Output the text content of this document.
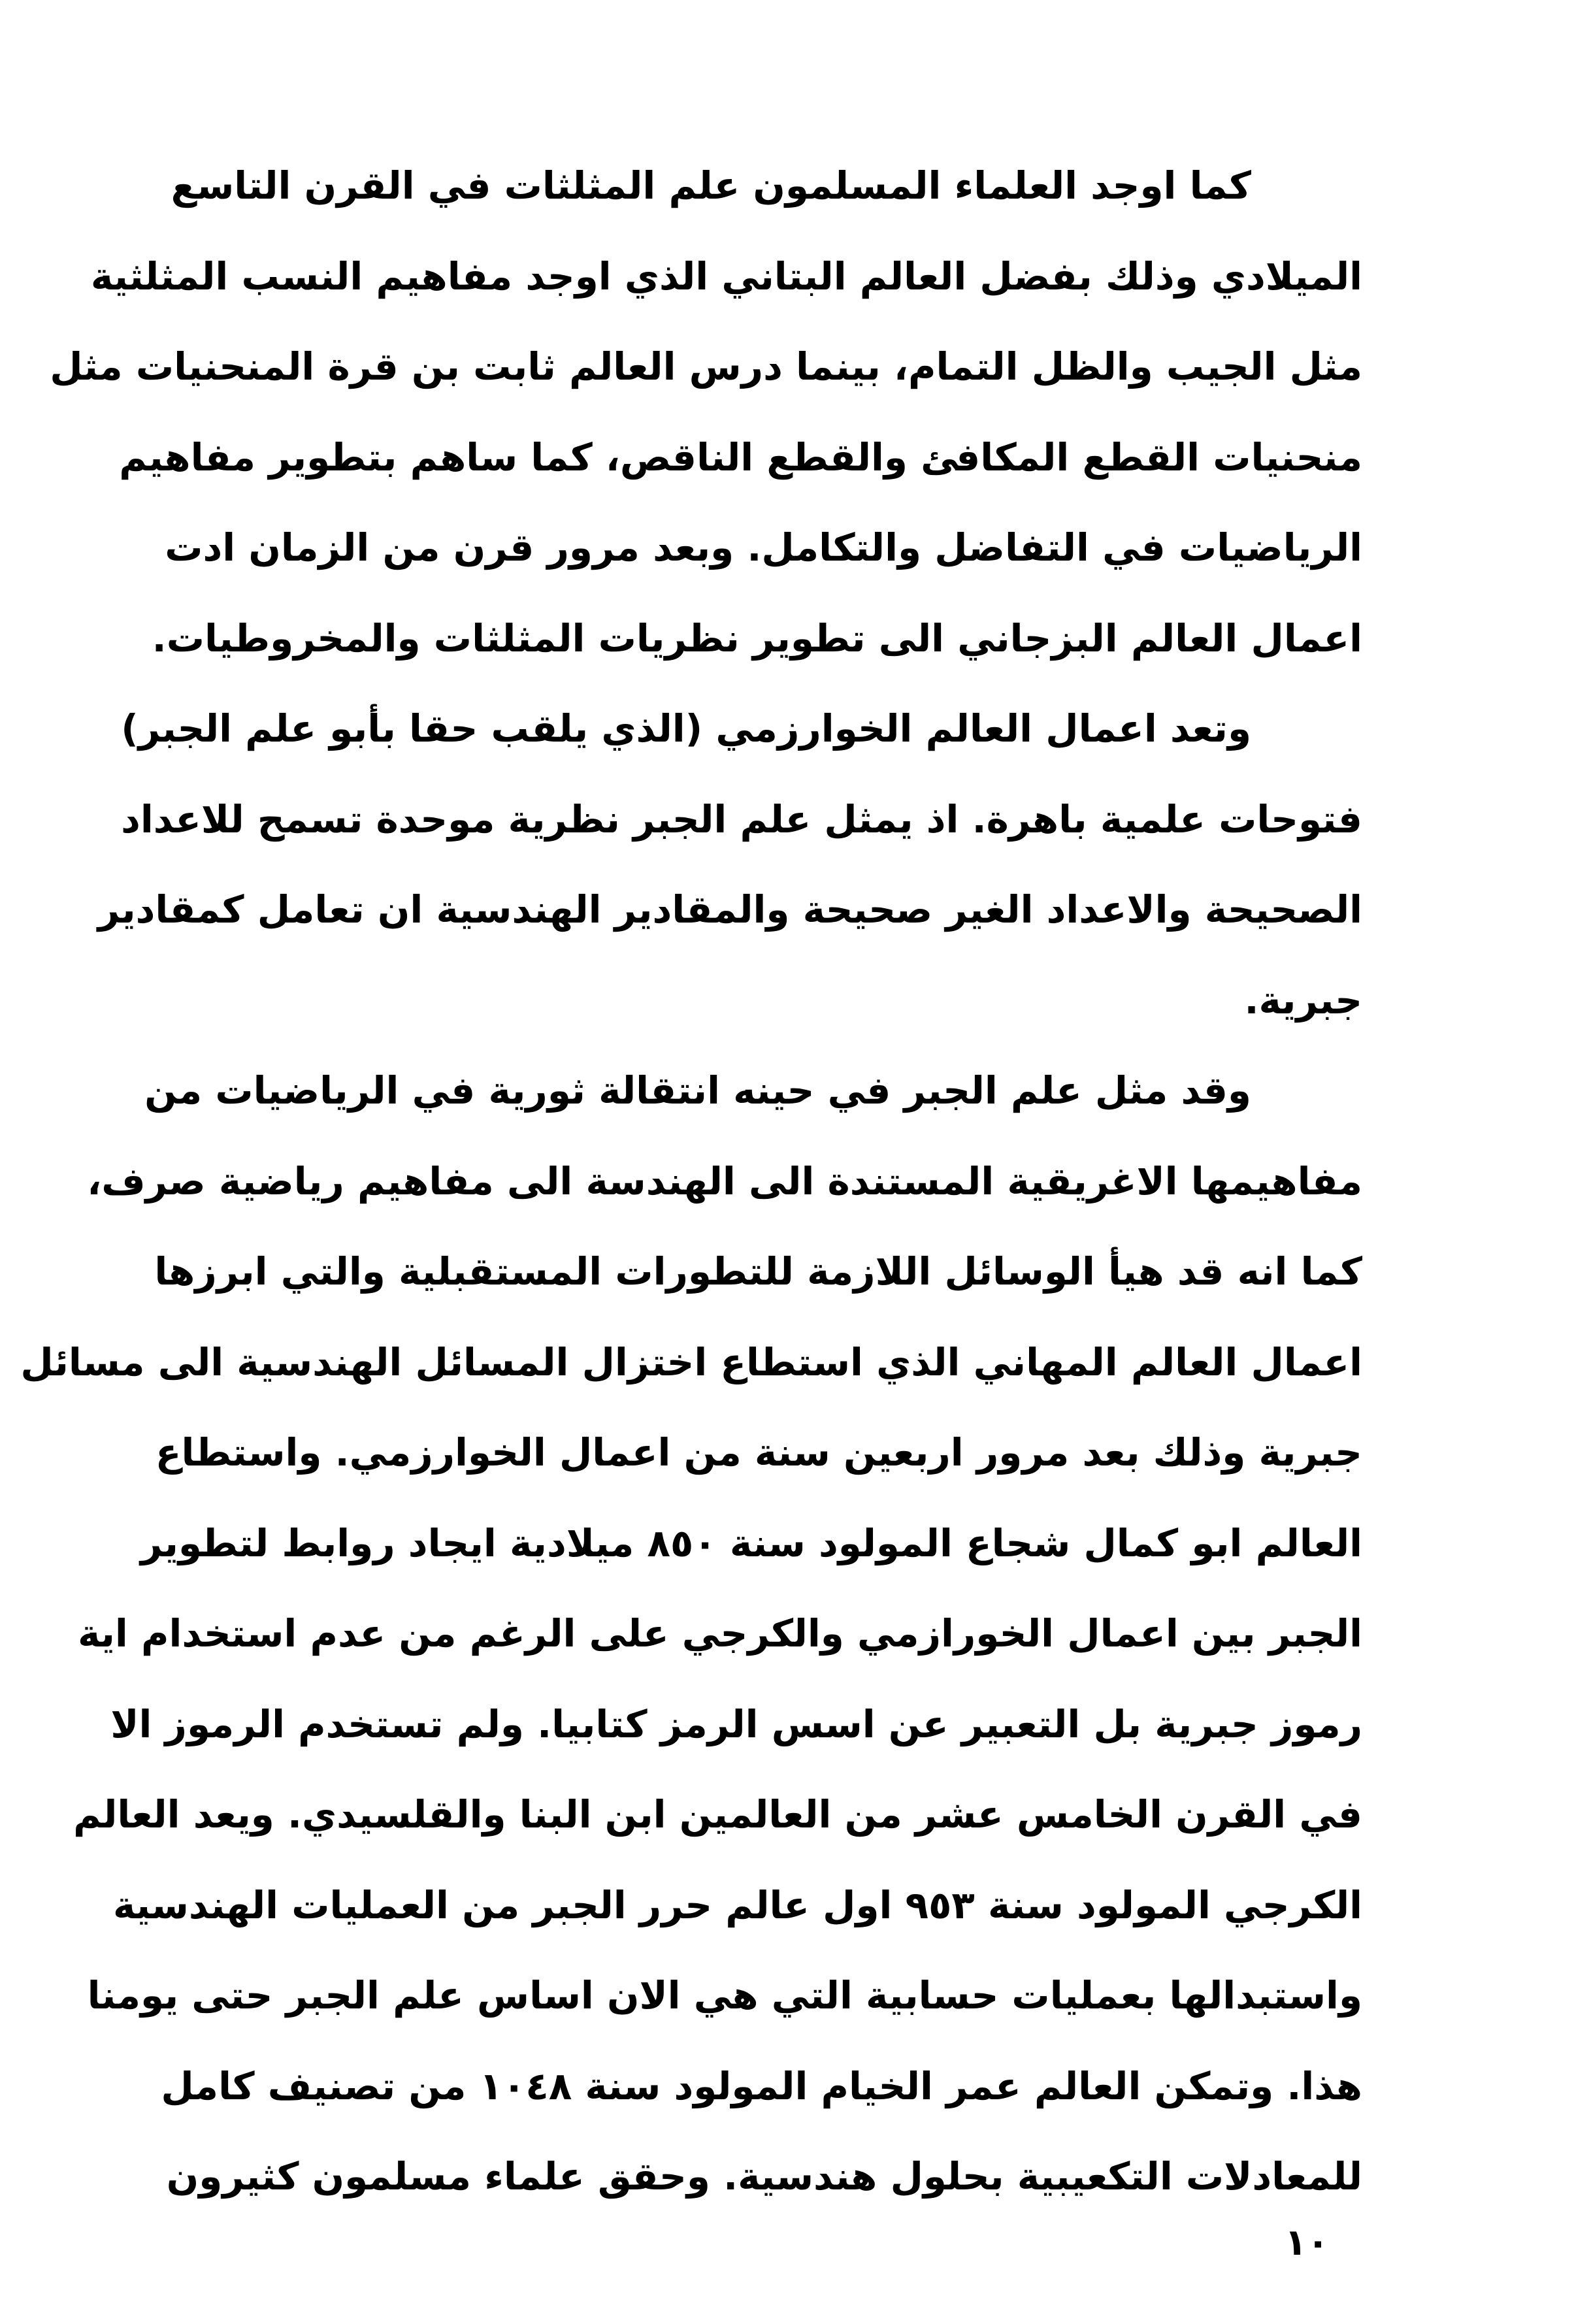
كما اوجد العلماء المسلمون علم المثلثات في القرن التاسع
الميلادي وذلك بفضل العالم البتاني الذي اوجد مفاهيم النسب المثلثية
مثل الجيب والظل التمام، بينما درس العالم ثابت بن قرة المنحنيات مثل
منحنيات القطع المكافئ والقطع الناقص، كما ساهم بتطوير مفاهيم
الرياضيات في التفاضل والتكامل. وبعد مرور قرن من الزمان ادت
اعمال العالم البزجاني الى تطوير نظريات المثلثات والمخروطيات.
وتعد اعمال العالم الخوارزمي (الذي يلقب حقا بأبو علم الجبر)
فتوحات علمية باهرة. اذ يمثل علم الجبر نظرية موحدة تسمح للاعداد
الصحيحة والاعداد الغير صحيحة والمقادير الهندسية ان تعامل كمقادير
جبرية.
وقد مثل علم الجبر في حينه انتقالة ثورية في الرياضيات من
مفاهيمها الاغريقية المستندة الى الهندسة الى مفاهيم رياضية صرف،
كما انه قد هيأ الوسائل اللازمة للتطورات المستقبلية والتي ابرزها
اعمال العالم المهاني الذي استطاع اختزال المسائل الهندسية الى مسائل
جبرية وذلك بعد مرور اربعين سنة من اعمال الخوارزمي. واستطاع
العالم ابو كمال شجاع المولود سنة ٨٥٠ ميلادية ايجاد روابط لتطوير
الجبر بين اعمال الخورازمي والكرجي على الرغم من عدم استخدام اية
رموز جبرية بل التعبير عن اسس الرمز كتابيا. ولم تستخدم الرموز الا
في القرن الخامس عشر من العالمين ابن البنا والقلسيدي. ويعد العالم
الكرجي المولود سنة ٩٥٣ اول عالم حرر الجبر من العمليات الهندسية
واستبدالها بعمليات حسابية التي هي الان اساس علم الجبر حتى يومنا
هذا. وتمكن العالم عمر الخيام المولود سنة ١٠٤٨ من تصنيف كامل
للمعادلات التكعيبية بحلول هندسية. وحقق علماء مسلمون كثيرون
١٠
